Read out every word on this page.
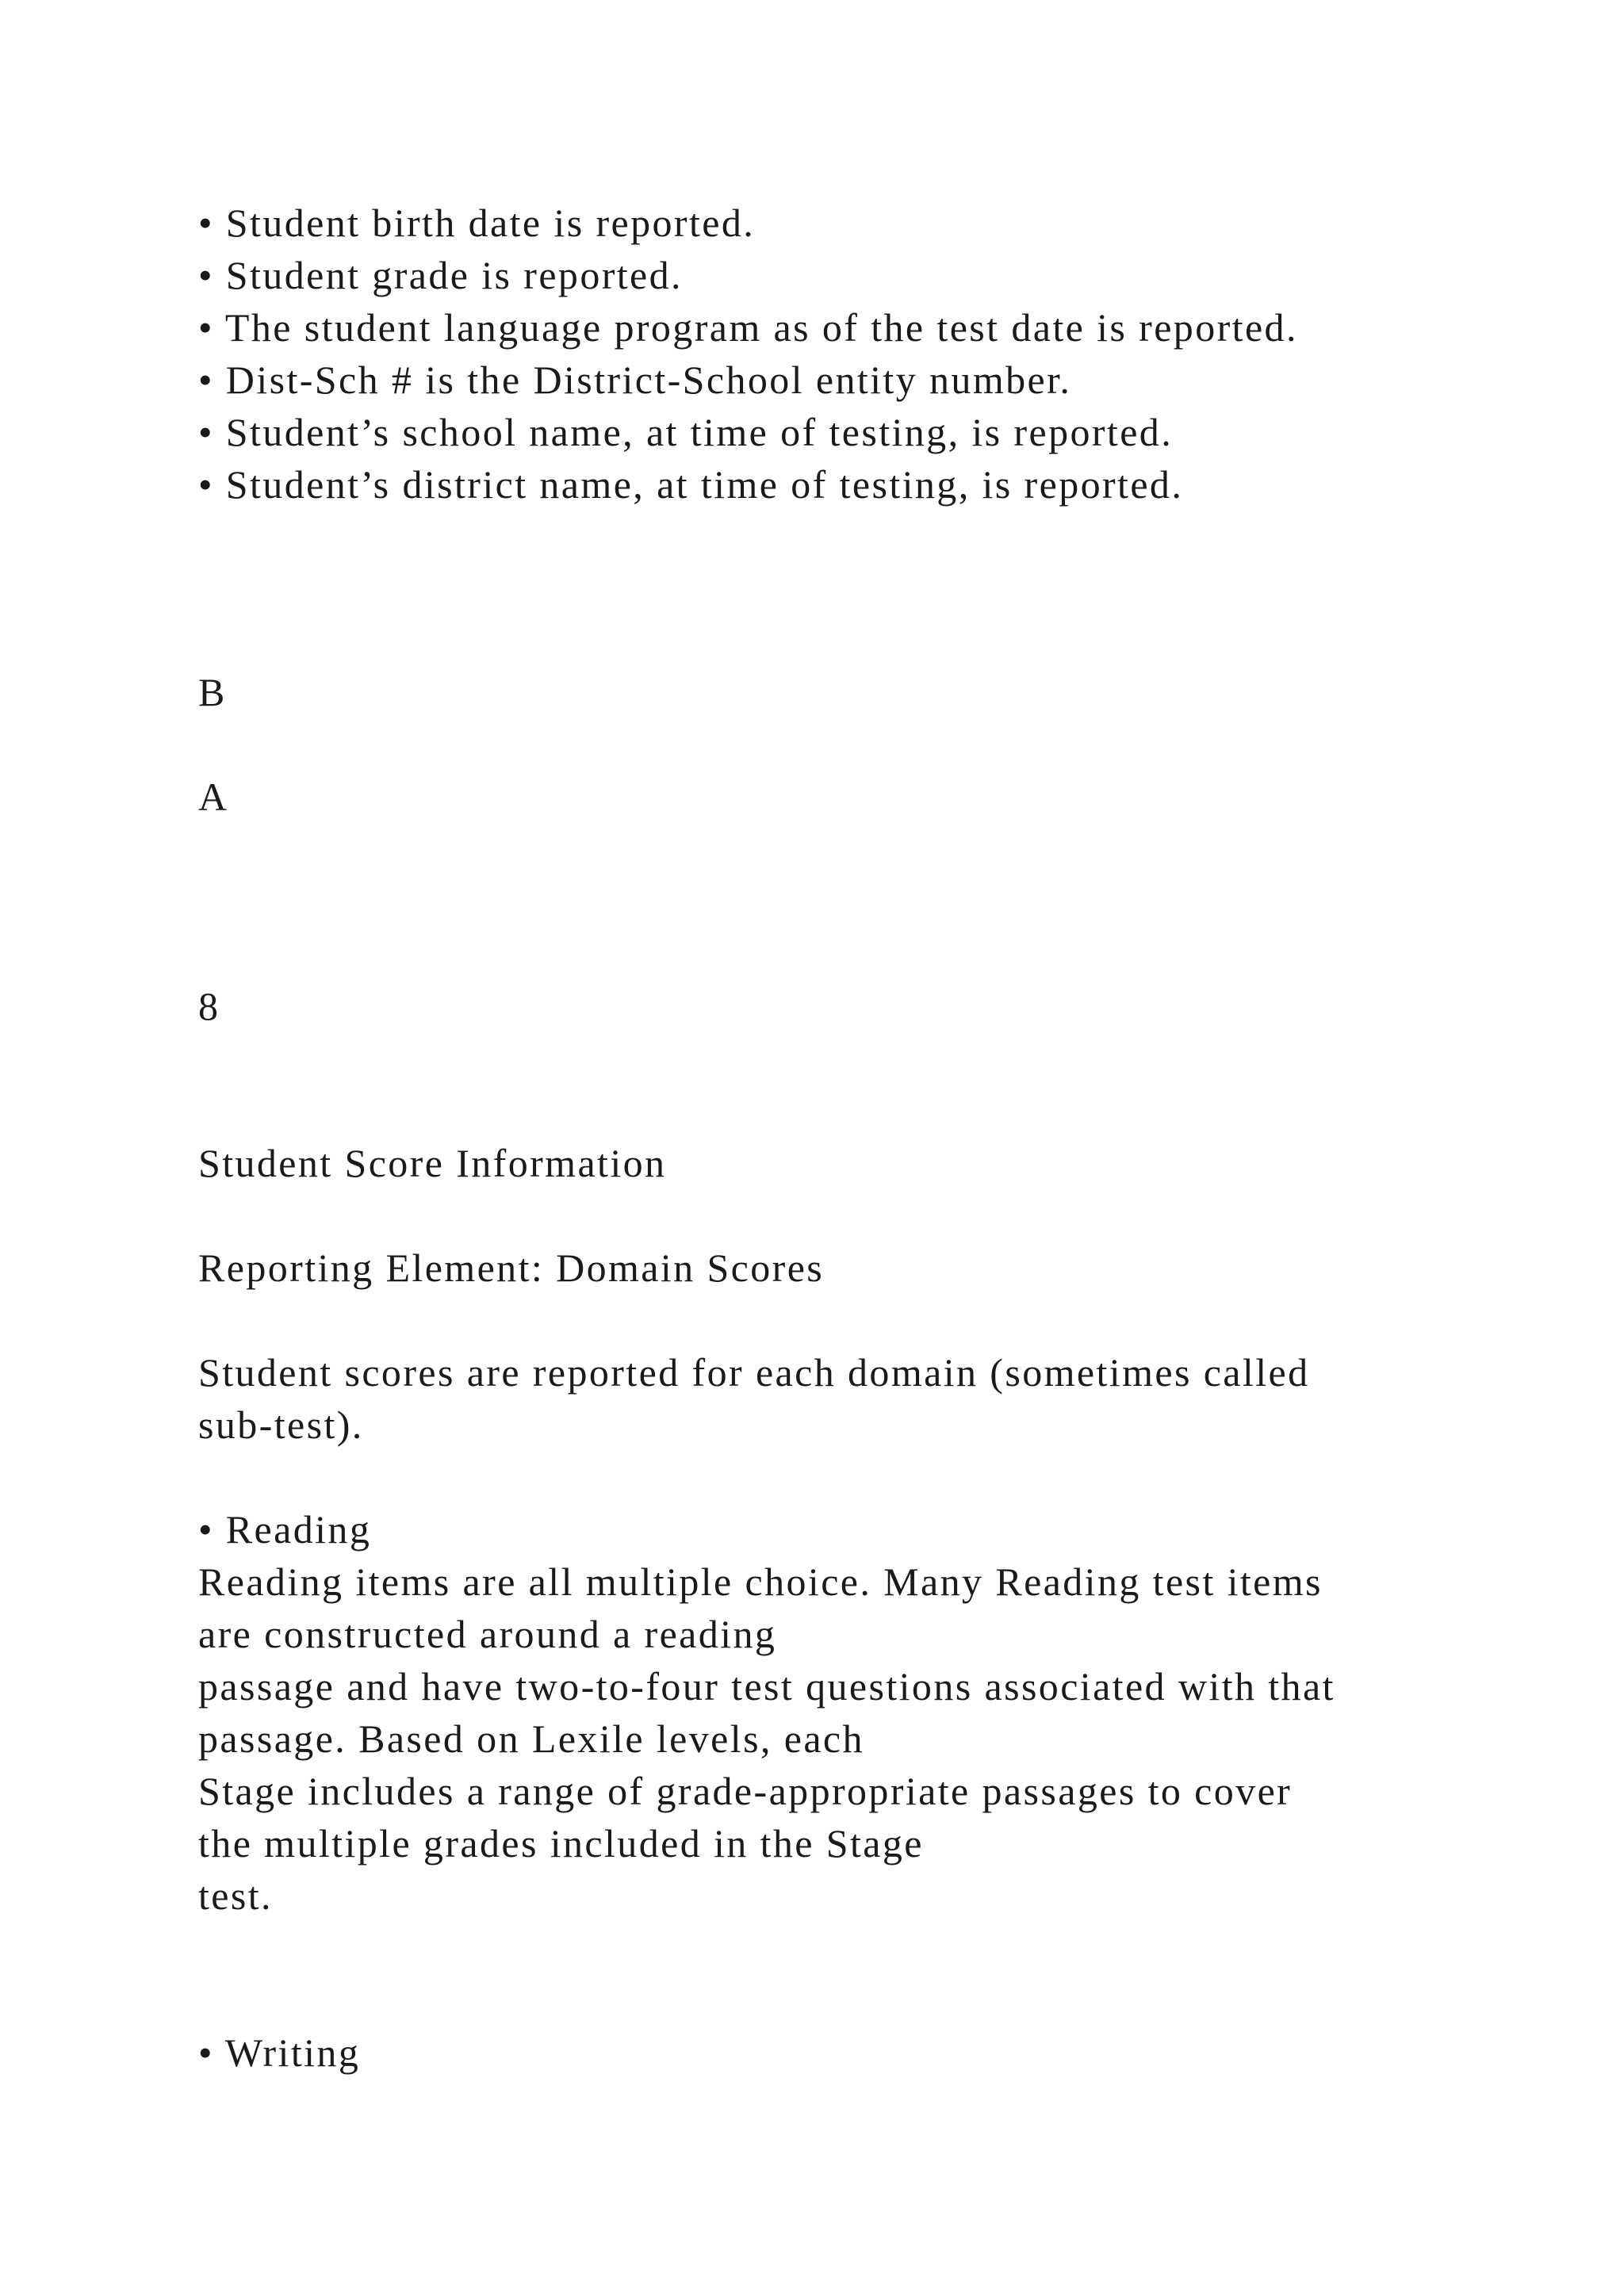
• Student birth date is reported.
• Student grade is reported.
• The student language program as of the test date is reported.
• Dist-Sch # is the District-School entity number.
• Student’s school name, at time of testing, is reported.
• Student’s district name, at time of testing, is reported.
B
A
8
Student Score Information
Reporting Element: Domain Scores
Student scores are reported for each domain (sometimes called
sub-test).
• Reading
Reading items are all multiple choice. Many Reading test items
are constructed around a reading
passage and have two-to-four test questions associated with that
passage. Based on Lexile levels, each
Stage includes a range of grade-appropriate passages to cover
the multiple grades included in the Stage
test.
• Writing
